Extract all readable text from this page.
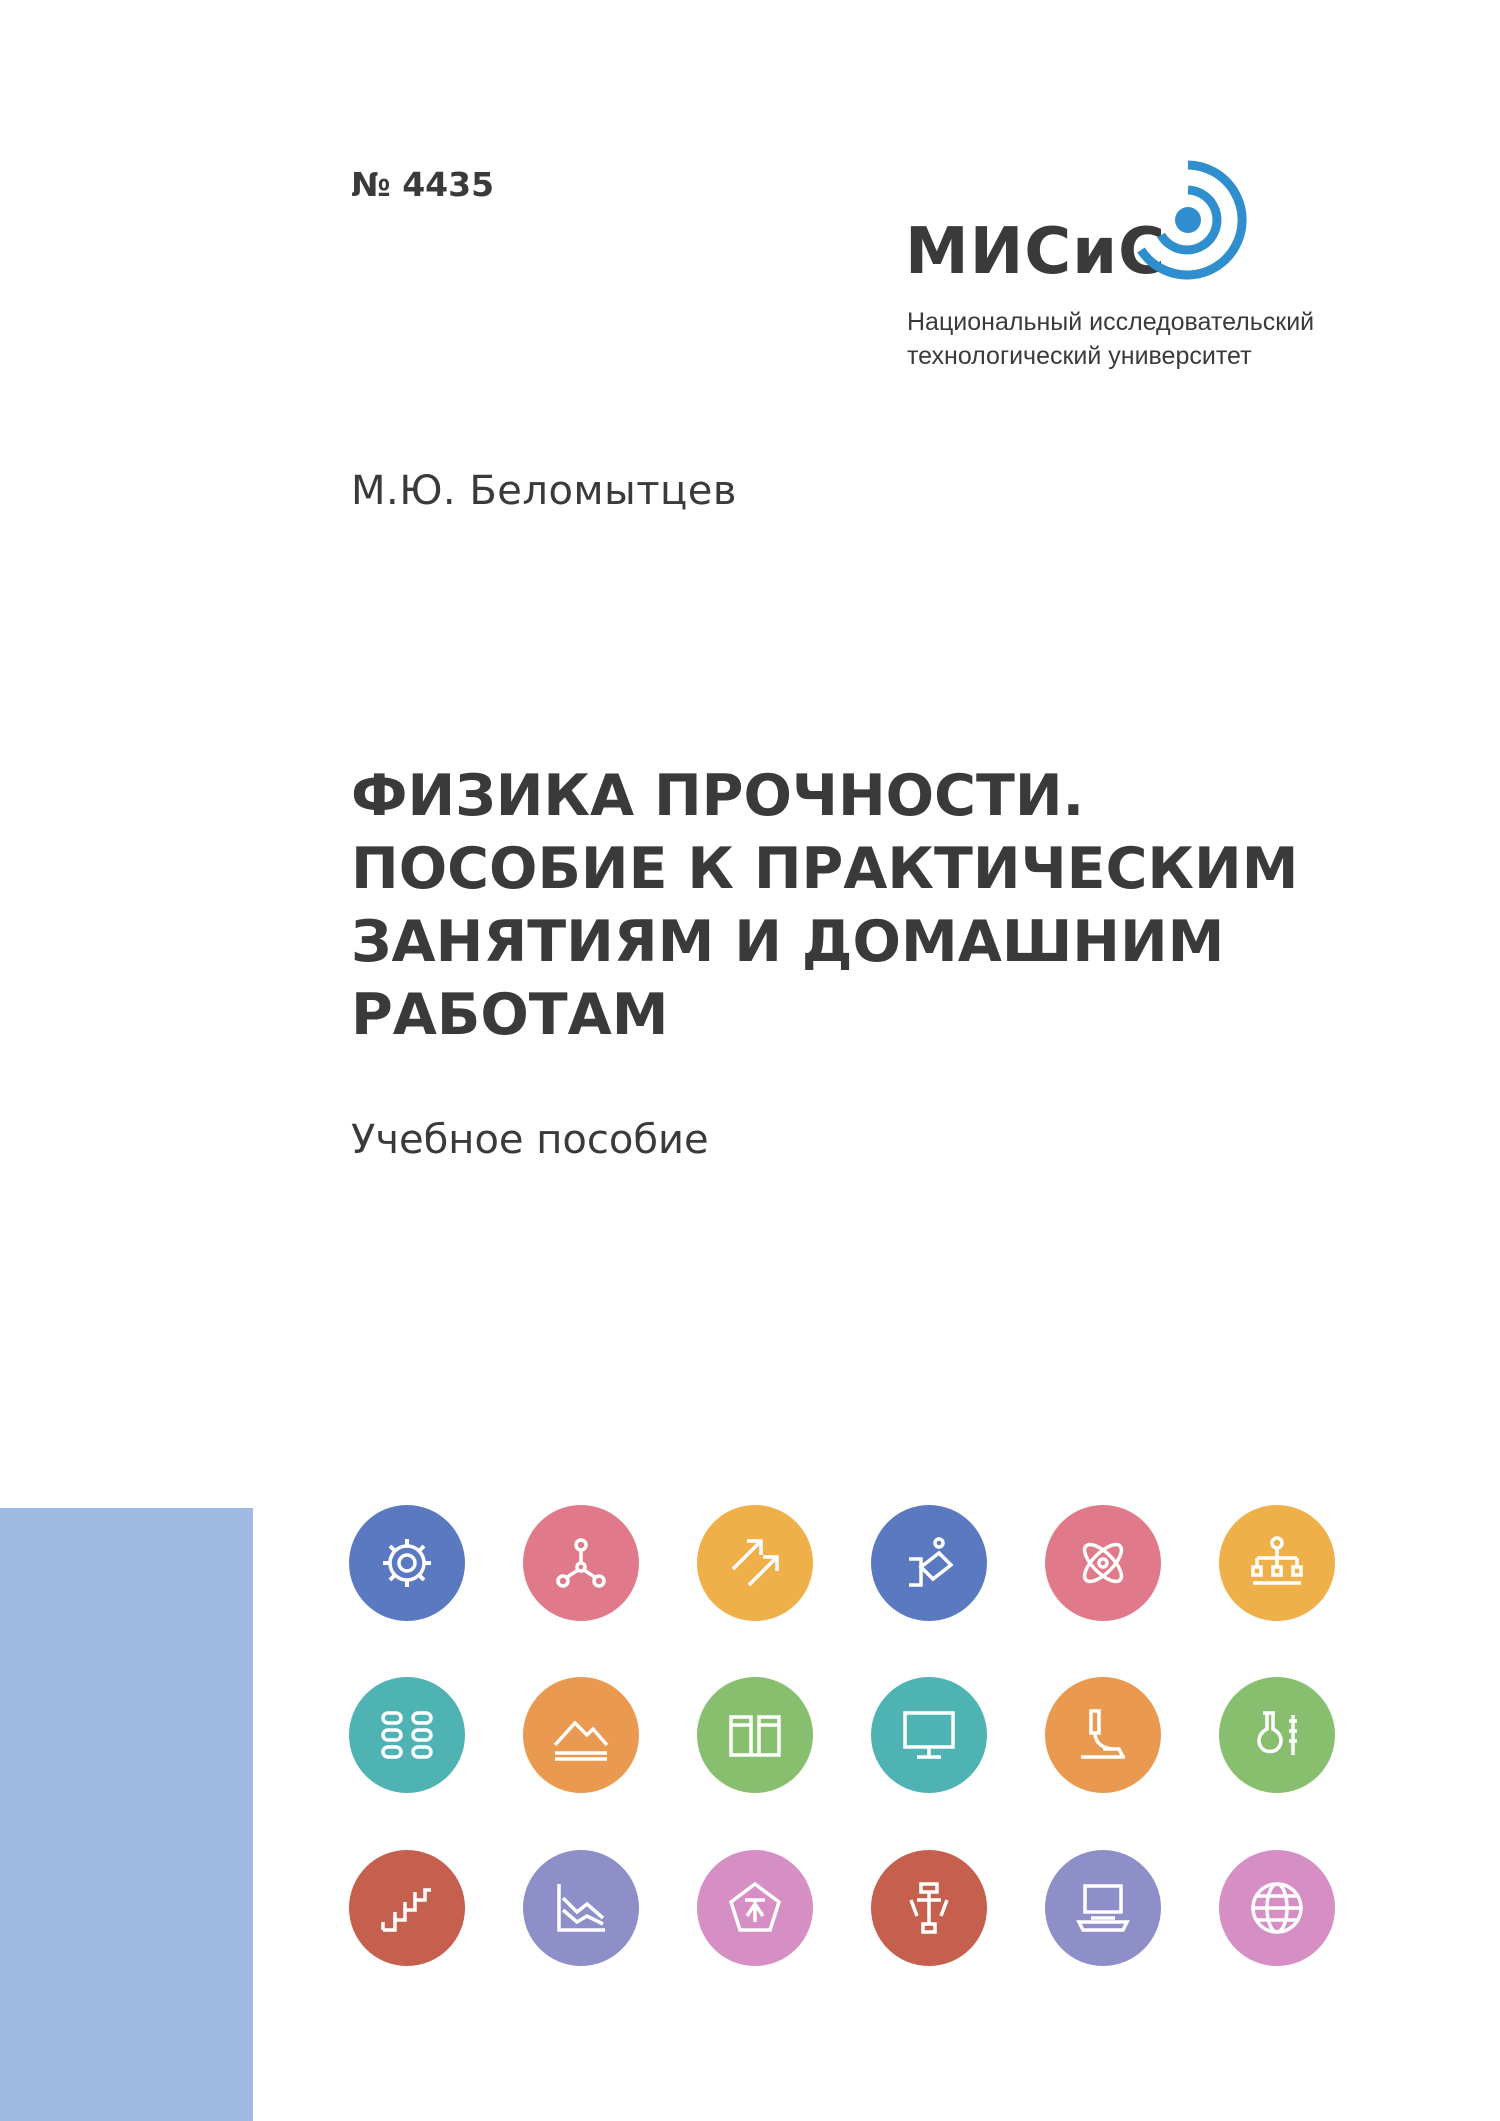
№ 4435
МИСиС
Национальный исследовательский
технологический университет
М.Ю. Беломытцев
ФИЗИКА ПРОЧНОСТИ.
ПОСОБИЕ К ПРАКТИЧЕСКИМ
ЗАНЯТИЯМ И ДОМАШНИМ
РАБОТАМ
Учебное пособие
